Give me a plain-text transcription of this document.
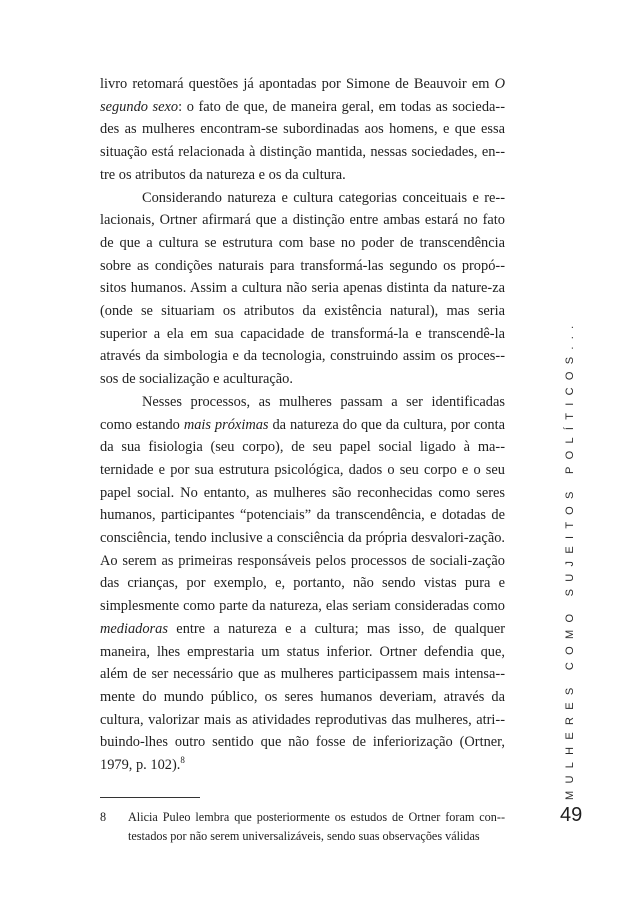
livro retomará questões já apontadas por Simone de Beauvoir em O segundo sexo: o fato de que, de maneira geral, em todas as socieda-des as mulheres encontram-se subordinadas aos homens, e que essa situação está relacionada à distinção mantida, nessas sociedades, en-tre os atributos da natureza e os da cultura.

Considerando natureza e cultura categorias conceituais e re-lacionais, Ortner afirmará que a distinção entre ambas estará no fato de que a cultura se estrutura com base no poder de transcendência sobre as condições naturais para transformá-las segundo os propó-sitos humanos. Assim a cultura não seria apenas distinta da nature-za (onde se situariam os atributos da existência natural), mas seria superior a ela em sua capacidade de transformá-la e transcendê-la através da simbologia e da tecnologia, construindo assim os proces-sos de socialização e aculturação.

Nesses processos, as mulheres passam a ser identificadas como estando mais próximas da natureza do que da cultura, por conta da sua fisiologia (seu corpo), de seu papel social ligado à ma-ternidade e por sua estrutura psicológica, dados o seu corpo e o seu papel social. No entanto, as mulheres são reconhecidas como seres humanos, participantes “potenciais” da transcendência, e dotadas de consciência, tendo inclusive a consciência da própria desvalori-zação. Ao serem as primeiras responsáveis pelos processos de sociali-zação das crianças, por exemplo, e, portanto, não sendo vistas pura e simplesmente como parte da natureza, elas seriam consideradas como mediadoras entre a natureza e a cultura; mas isso, de qualquer maneira, lhes emprestaria um status inferior. Ortner defendia que, além de ser necessário que as mulheres participassem mais intensa-mente do mundo público, os seres humanos deveriam, através da cultura, valorizar mais as atividades reprodutivas das mulheres, atri-buindo-lhes outro sentido que não fosse de inferiorização (Ortner, 1979, p. 102).$^8$

8 Alicia Puleo lembra que posteriormente os estudos de Ortner foram con-testados por não serem universalizáveis, sendo suas observações válidas
MULHERES COMO SUJEITOS POLÍTICOS...
49
